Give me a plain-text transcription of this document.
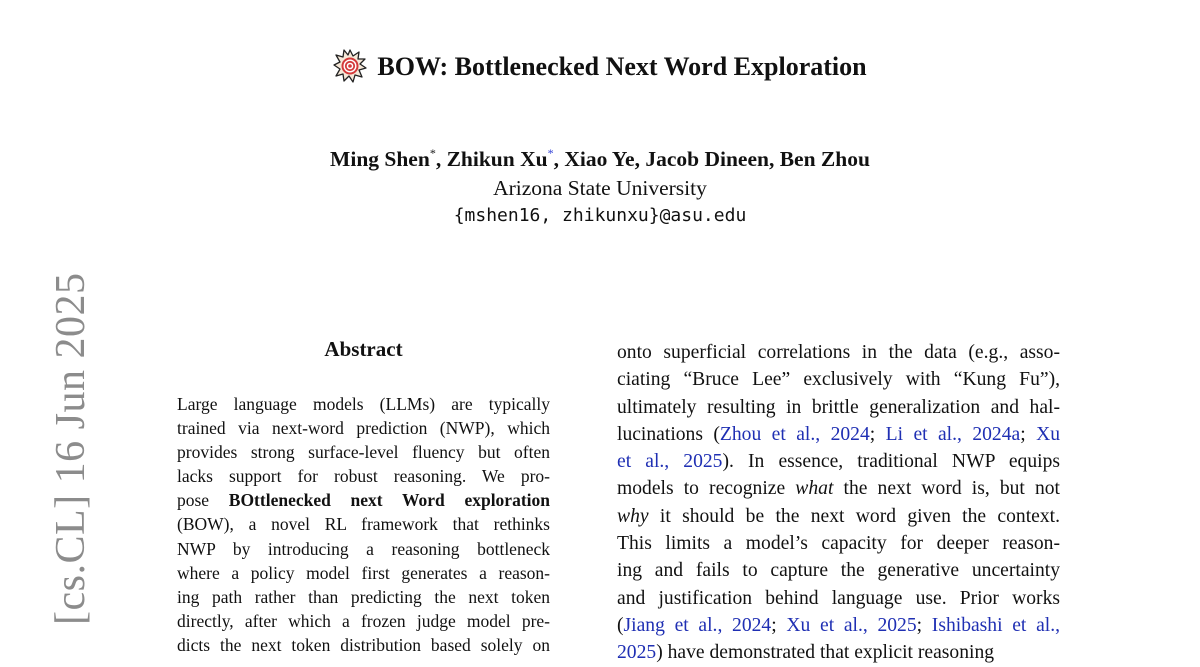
[cs.CL] 16 Jun 2025
BOW: Bottlenecked Next Word Exploration
Ming Shen*, Zhikun Xu*, Xiao Ye, Jacob Dineen, Ben Zhou
Arizona State University
{mshen16, zhikunxu}@asu.edu
Abstract
Large language models (LLMs) are typically
trained via next-word prediction (NWP), which
provides strong surface-level fluency but often
lacks support for robust reasoning. We pro-
pose BOttlenecked next Word exploration
(BOW), a novel RL framework that rethinks
NWP by introducing a reasoning bottleneck
where a policy model first generates a reason-
ing path rather than predicting the next token
directly, after which a frozen judge model pre-
dicts the next token distribution based solely on
onto superficial correlations in the data (e.g., asso-
ciating “Bruce Lee” exclusively with “Kung Fu”),
ultimately resulting in brittle generalization and hal-
lucinations (Zhou et al., 2024; Li et al., 2024a; Xu
et al., 2025). In essence, traditional NWP equips
models to recognize what the next word is, but not
why it should be the next word given the context.
This limits a model’s capacity for deeper reason-
ing and fails to capture the generative uncertainty
and justification behind language use. Prior works
(Jiang et al., 2024; Xu et al., 2025; Ishibashi et al.,
2025) have demonstrated that explicit reasoning
